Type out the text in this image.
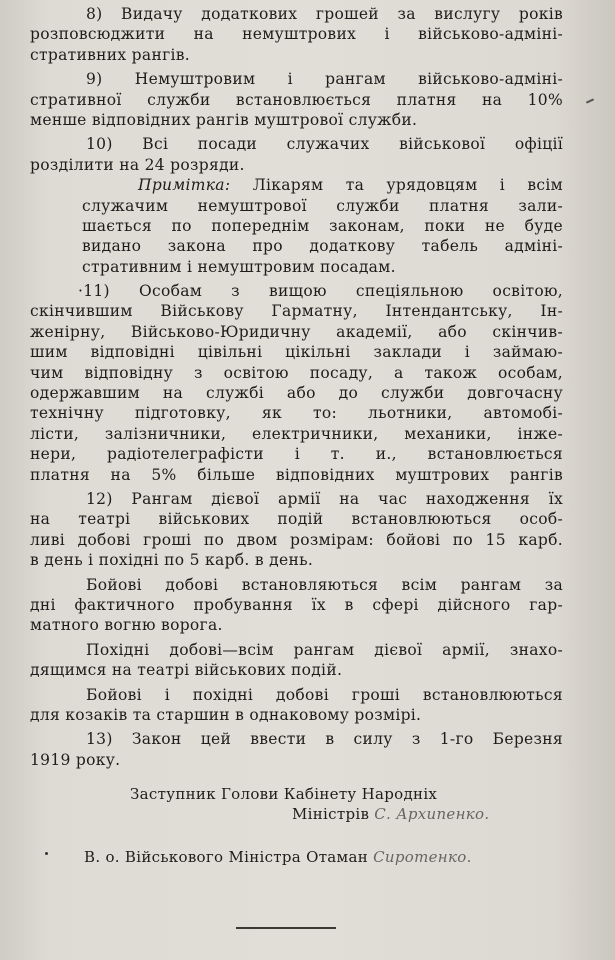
8) Видачу додаткових грошей за вислугу років
розповсюджити на немуштрових і військово-адміні-
стративних рангів.
9) Немуштровим і рангам військово-адміні-
стративної служби встановлюється платня на 10%
менше відповідних рангів муштрової служби.
10) Всі посади служачих військової офіції
розділити на 24 розряди.
Примітка: Лікарям та урядовцям і всім
служачим немуштрової служби платня зали-
шається по попереднім законам, поки не буде
видано закона про додаткову табель адміні-
стративним і немуштровим посадам.
·11) Особам з вищою спеціяльною освітою,
скінчившим Військову Гарматну, Інтендантську, Ін-
женірну, Військово-Юридичну академії, або скінчив-
шим відповідні цівільні цікільні заклади і займаю-
чим відповідну з освітою посаду, а також особам,
одержавшим на службі або до служби довгочасну
технічну підготовку, як то: льотники, автомобі-
лісти, залізничники, електричники, механики, інже-
нери, радіотелеграфісти і т. и., встановлюється
платня на 5% більше відповідних муштрових рангів
12) Рангам дієвої армії на час находження їх
на театрі військових подій встановлюються особ-
ливі добові гроші по двом розмірам: бойові по 15 карб.
в день і похідні по 5 карб. в день.
Бойові добові встановляються всім рангам за
дні фактичного пробування їх в сфері дійсного гар-
матного вогню ворога.
Похідні добові—всім рангам дієвої армії, знахо-
дящимся на театрі військових подій.
Бойові і похідні добові гроші встановлюються
для козаків та старшин в однаковому розмірі.
13) Закон цей ввести в силу з 1-го Березня
1919 року.
Заступник Голови Кабінету Народніх
Міністрів С. Архипенко.
В. о. Військового Міністра Отаман Сиротенко.
